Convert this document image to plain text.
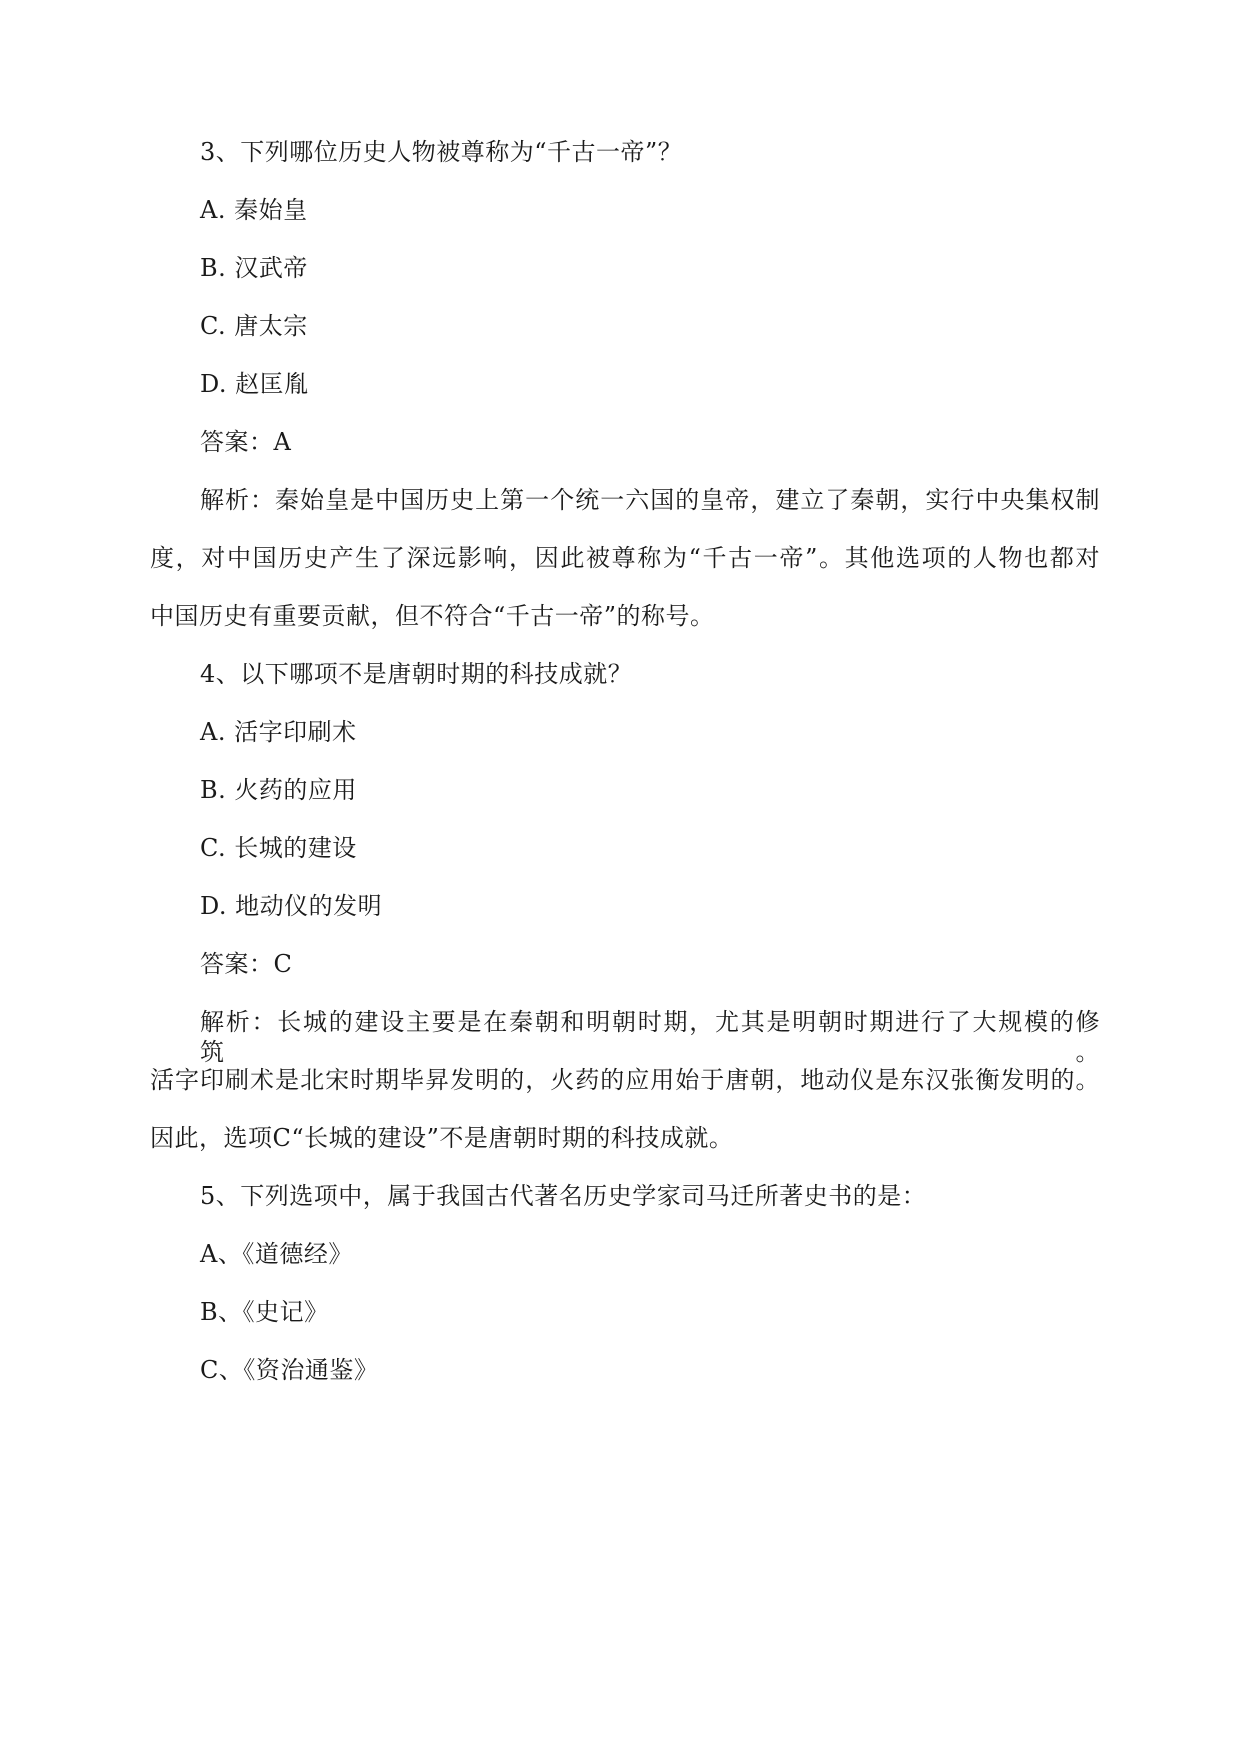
3、下列哪位历史人物被尊称为“千古一帝”？
A. 秦始皇
B. 汉武帝
C. 唐太宗
D. 赵匡胤
答案：A
解析：秦始皇是中国历史上第一个统一六国的皇帝，建立了秦朝，实行中央集权制
度，对中国历史产生了深远影响，因此被尊称为“千古一帝”。其他选项的人物也都对
中国历史有重要贡献，但不符合“千古一帝”的称号。
4、以下哪项不是唐朝时期的科技成就？
A. 活字印刷术
B. 火药的应用
C. 长城的建设
D. 地动仪的发明
答案：C
解析：长城的建设主要是在秦朝和明朝时期，尤其是明朝时期进行了大规模的修筑。
活字印刷术是北宋时期毕昇发明的，火药的应用始于唐朝，地动仪是东汉张衡发明的。
因此，选项C“长城的建设”不是唐朝时期的科技成就。
5、下列选项中，属于我国古代著名历史学家司马迁所著史书的是：
A、《道德经》
B、《史记》
C、《资治通鉴》
